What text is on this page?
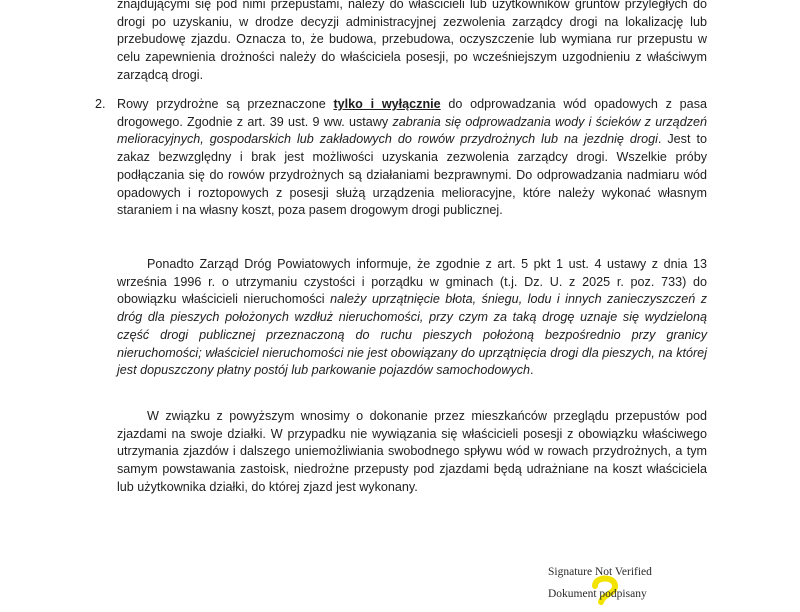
znajdującymi się pod nimi przepustami, należy do właścicieli lub użytkowników gruntów przyległych do drogi po uzyskaniu, w drodze decyzji administracyjnej zezwolenia zarządcy drogi na lokalizację lub przebudowę zjazdu. Oznacza to, że budowa, przebudowa, oczyszczenie lub wymiana rur przepustu w celu zapewnienia drożności należy do właściciela posesji, po wcześniejszym uzgodnieniu z właściwym zarządcą drogi.

2. Rowy przydrożne są przeznaczone tylko i wyłącznie do odprowadzania wód opadowych z pasa drogowego. Zgodnie z art. 39 ust. 9 ww. ustawy zabrania się odprowadzania wody i ścieków z urządzeń melioracyjnych, gospodarskich lub zakładowych do rowów przydrożnych lub na jezdnię drogi. Jest to zakaz bezwzględny i brak jest możliwości uzyskania zezwolenia zarządcy drogi. Wszelkie próby podłączania się do rowów przydrożnych są działaniami bezprawnymi. Do odprowadzania nadmiaru wód opadowych i roztopowych z posesji służą urządzenia melioracyjne, które należy wykonać własnym staraniem i na własny koszt, poza pasem drogowym drogi publicznej.

Ponadto Zarząd Dróg Powiatowych informuje, że zgodnie z art. 5 pkt 1 ust. 4 ustawy z dnia 13 września 1996 r. o utrzymaniu czystości i porządku w gminach (t.j. Dz. U. z 2025 r. poz. 733) do obowiązku właścicieli nieruchomości należy uprzątnięcie błota, śniegu, lodu i innych zanieczyszczeń z dróg dla pieszych położonych wzdłuż nieruchomości, przy czym za taką drogę uznaje się wydzieloną część drogi publicznej przeznaczoną do ruchu pieszych położoną bezpośrednio przy granicy nieruchomości; właściciel nieruchomości nie jest obowiązany do uprzątnięcia drogi dla pieszych, na której jest dopuszczony płatny postój lub parkowanie pojazdów samochodowych.

W związku z powyższym wnosimy o dokonanie przez mieszkańców przeglądu przepustów pod zjazdami na swoje działki. W przypadku nie wywiązania się właścicieli posesji z obowiązku właściwego utrzymania zjazdów i dalszego uniemożliwiania swobodnego spływu wód w rowach przydrożnych, a tym samym powstawania zastoisk, niedrożne przepusty pod zjazdami będą udrażniane na koszt właściciela lub użytkownika działki, do której zjazd jest wykonany.

Signature Not Verified
Dokument podpisany
